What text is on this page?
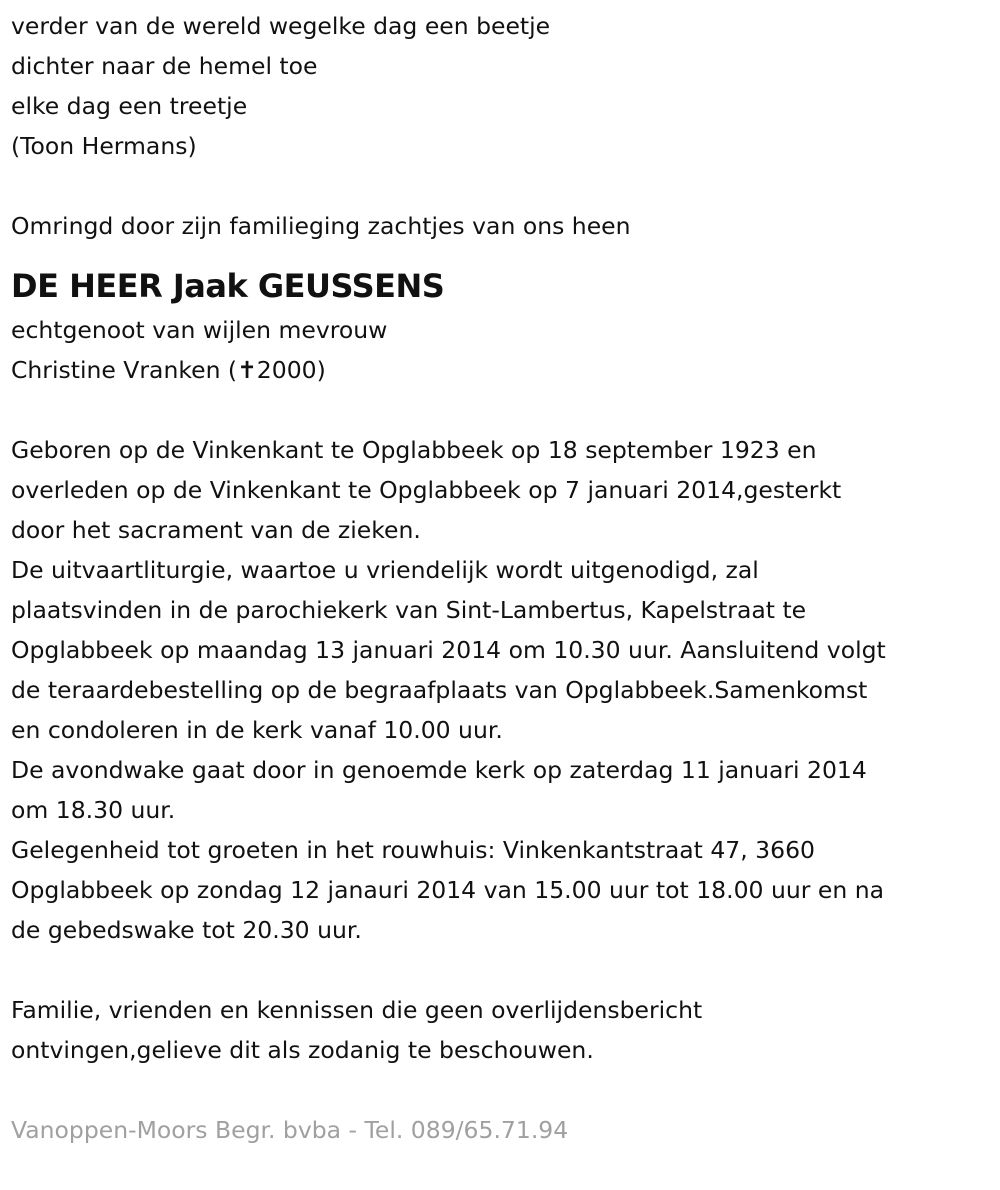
verder van de wereld wegelke dag een beetje
dichter naar de hemel toe
elke dag een treetje
(Toon Hermans)
Omringd door zijn familieging zachtjes van ons heen
DE HEER Jaak GEUSSENS
echtgenoot van wijlen mevrouw
Christine Vranken (✝2000)
Geboren op de Vinkenkant te Opglabbeek op 18 september 1923 en
overleden op de Vinkenkant te Opglabbeek op 7 januari 2014,gesterkt
door het sacrament van de zieken.
De uitvaartliturgie, waartoe u vriendelijk wordt uitgenodigd, zal
plaatsvinden in de parochiekerk van Sint-Lambertus, Kapelstraat te
Opglabbeek op maandag 13 januari 2014 om 10.30 uur. Aansluitend volgt
de teraardebestelling op de begraafplaats van Opglabbeek.Samenkomst
en condoleren in de kerk vanaf 10.00 uur.
De avondwake gaat door in genoemde kerk op zaterdag 11 januari 2014
om 18.30 uur.
Gelegenheid tot groeten in het rouwhuis: Vinkenkantstraat 47, 3660
Opglabbeek op zondag 12 janauri 2014 van 15.00 uur tot 18.00 uur en na
de gebedswake tot 20.30 uur.
Familie, vrienden en kennissen die geen overlijdensbericht
ontvingen,gelieve dit als zodanig te beschouwen.
Vanoppen-Moors Begr. bvba - Tel. 089/65.71.94
